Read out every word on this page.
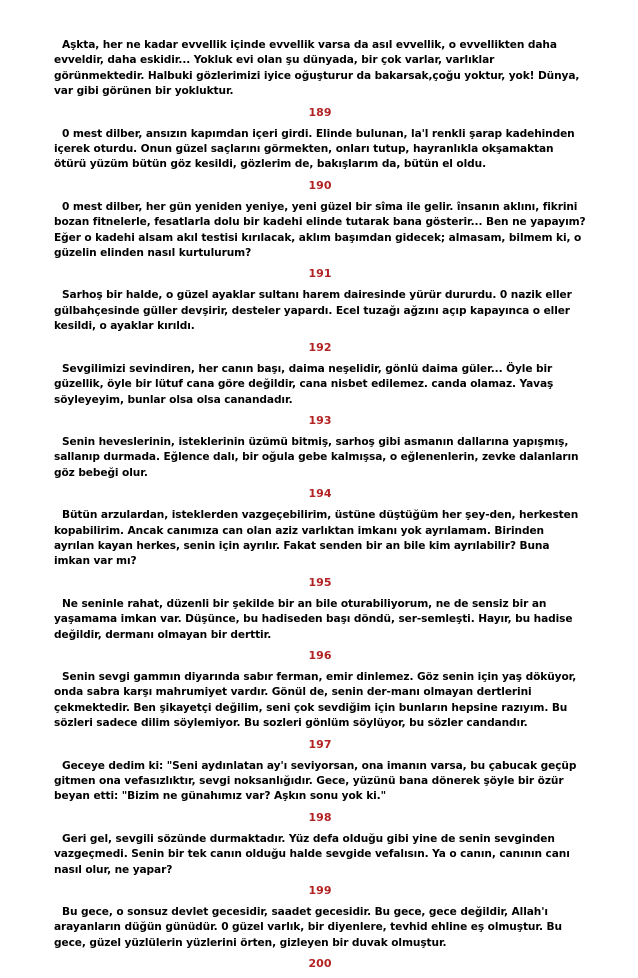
Aşkta, her ne kadar evvellik içinde evvellik varsa da asıl evvellik, o evvellikten daha evveldir, daha eskidir... Yokluk evi olan şu dünyada, bir çok varlar, varlıklar görünmektedir. Halbuki gözlerimizi iyice oğuşturur da bakarsak,çoğu yoktur, yok! Dünya, var gibi görünen bir yokluktur.

189

0 mest dilber, ansızın kapımdan içeri girdi. Elinde bulunan, la'l renkli şarap kadehinden içerek oturdu. Onun güzel saçlarını görmekten, onları tutup, hayranlıkla okşamaktan ötürü yüzüm bütün göz kesildi, gözlerim de, bakışlarım da, bütün el oldu.

190

0 mest dilber, her gün yeniden yeniye, yeni güzel bir sîma ile gelir. însanın aklını, fikrini bozan fitnelerle, fesatlarla dolu bir kadehi elinde tutarak bana gösterir... Ben ne yapayım? Eğer o kadehi alsam akıl testisi kırılacak, aklım başımdan gidecek; almasam, bilmem ki, o güzelin elinden nasıl kurtulurum?

191

Sarhoş bir halde, o güzel ayaklar sultanı harem dairesinde yürür dururdu. 0 nazik eller gülbahçesinde güller devşirir, desteler yapardı. Ecel tuzağı ağzını açıp kapayınca o eller kesildi, o ayaklar kırıldı.

192

Sevgilimizi sevindiren, her canın başı, daima neşelidir, gönlü daima güler... Öyle bir güzellik, öyle bir lütuf cana göre değildir, cana nisbet edilemez. canda olamaz. Yavaş söyleyeyim, bunlar olsa olsa canandadır.

193

Senin heveslerinin, isteklerinin üzümü bitmiş, sarhoş gibi asmanın dallarına yapışmış, sallanıp durmada. Eğlence dalı, bir oğula gebe kalmışsa, o eğlenenlerin, zevke dalanların göz bebeği olur.

194

Bütün arzulardan, isteklerden vazgeçebilirim, üstüne düştüğüm her şey-den, herkesten kopabilirim. Ancak canımıza can olan aziz varlıktan imkanı yok ayrılamam. Birinden ayrılan kayan herkes, senin için ayrılır. Fakat senden bir an bile kim ayrılabilir? Buna imkan var mı?

195

Ne seninle rahat, düzenli bir şekilde bir an bile oturabiliyorum, ne de sensiz bir an yaşamama imkan var. Düşünce, bu hadiseden başı döndü, ser-semleşti. Hayır, bu hadise değildir, dermanı olmayan bir derttir.

196

Senin sevgi gammın diyarında sabır ferman, emir dinlemez. Göz senin için yaş döküyor, onda sabra karşı mahrumiyet vardır. Gönül de, senin der-manı olmayan dertlerini çekmektedir. Ben şikayetçi değilim, seni çok sevdiğim için bunların hepsine razıyım. Bu sözleri sadece dilim söylemiyor. Bu sozleri gönlüm söylüyor, bu sözler candandır.

197

Geceye dedim ki: "Seni aydınlatan ay'ı seviyorsan, ona imanın varsa, bu çabucak geçüp gitmen ona vefasızlıktır, sevgi noksanlığıdır. Gece, yüzünü bana dönerek şöyle bir özür beyan etti: "Bizim ne günahımız var? Aşkın sonu yok ki."

198

Geri gel, sevgili sözünde durmaktadır. Yüz defa olduğu gibi yine de senin sevginden vazgeçmedi. Senin bir tek canın olduğu halde sevgide vefalısın. Ya o canın, canının canı nasıl olur, ne yapar?

199

Bu gece, o sonsuz devlet gecesidir, saadet gecesidir. Bu gece, gece değildir, Allah'ı arayanların düğün günüdür. 0 güzel varlık, bir diyenlere, tevhid ehline eş olmuştur. Bu gece, güzel yüzlülerin yüzlerini örten, gizleyen bir duvak olmuştur.

200
